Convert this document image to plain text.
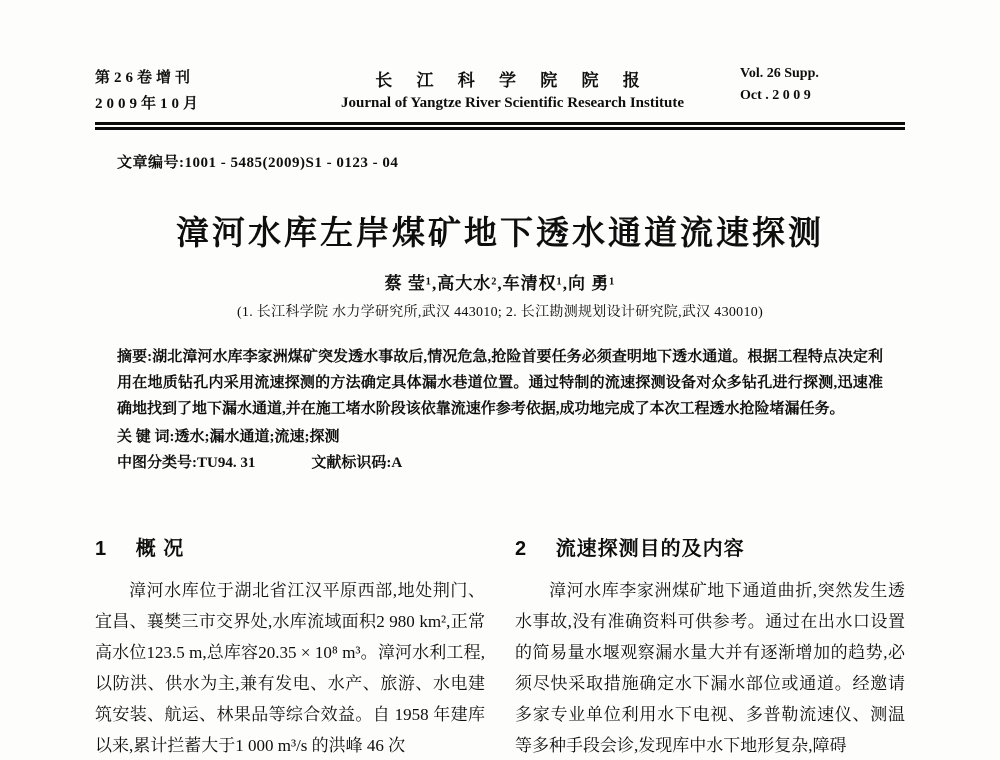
第26卷增刊
2009年10月
长 江 科 学 院 院 报
Journal of Yangtze River Scientific Research Institute
Vol. 26 Supp.
Oct . 2 0 0 9
文章编号:1001 - 5485(2009)S1 - 0123 - 04
漳河水库左岸煤矿地下透水通道流速探测
蔡 莹¹,高大水²,车清权¹,向 勇¹
(1. 长江科学院 水力学研究所,武汉 443010; 2. 长江勘测规划设计研究院,武汉 430010)
摘要:湖北漳河水库李家洲煤矿突发透水事故后,情况危急,抢险首要任务必须查明地下透水通道。根据工程特点决定利用在地质钻孔内采用流速探测的方法确定具体漏水巷道位置。通过特制的流速探测设备对众多钻孔进行探测,迅速准确地找到了地下漏水通道,并在施工堵水阶段该依靠流速作参考依据,成功地完成了本次工程透水抢险堵漏任务。
关 键 词:透水;漏水通道;流速;探测
中图分类号:TU94. 31	文献标识码:A
1 概 况

漳河水库位于湖北省江汉平原西部,地处荆门、宜昌、襄樊三市交界处,水库流域面积2 980 km²,正常高水位123.5 m,总库容20.35 × 10⁸ m³。漳河水利工程,以防洪、供水为主,兼有发电、水产、旅游、水电建筑安装、航运、林果品等综合效益。自 1958 年建库以来,累计拦蓄大于1 000 m³/s 的洪峰 46 次

2 流速探测目的及内容

漳河水库李家洲煤矿地下通道曲折,突然发生透水事故,没有准确资料可供参考。通过在出水口设置的简易量水堰观察漏水量大并有逐渐增加的趋势,必须尽快采取措施确定水下漏水部位或通道。经邀请多家专业单位利用水下电视、多普勒流速仪、测温等多种手段会诊,发现库中水下地形复杂,障碍
